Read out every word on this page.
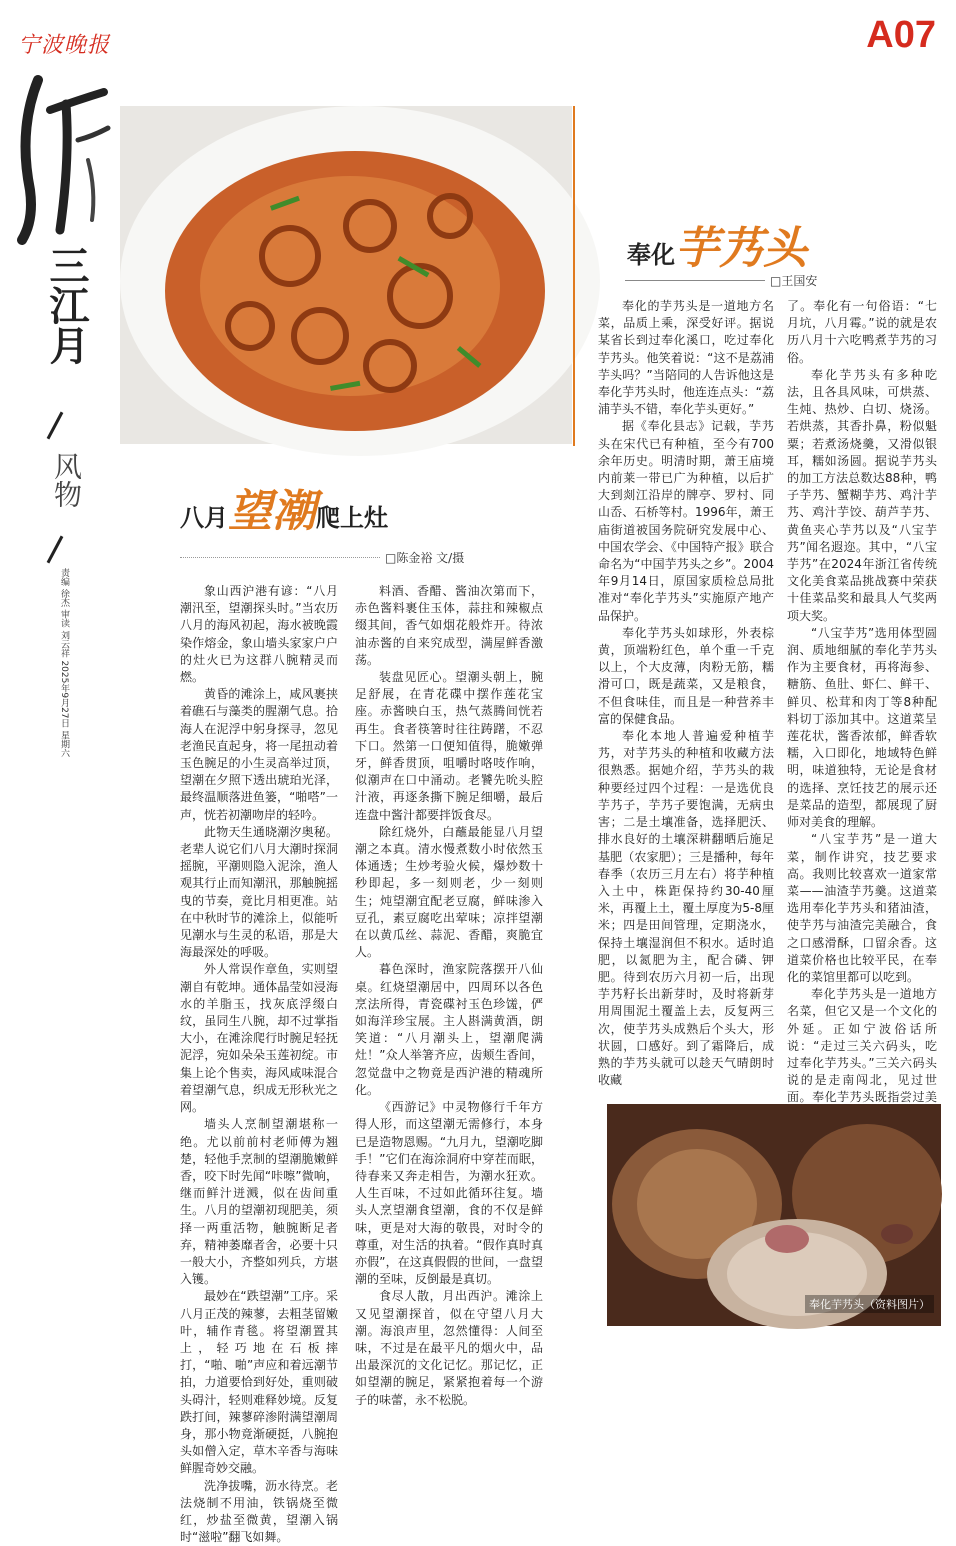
宁波晚报	A07
三江月
风物
责编 徐杰 审读 刘云祥 2025年9月27日 星期六
八月望潮爬上灶
□陈金裕 文/摄

象山西沪港有谚：“八月潮汛至，望潮探头时。”当农历八月的海风初起，海水被晚霞染作熔金，象山墙头家家户户的灶火已为这群八腕精灵而燃。

黄昏的滩涂上，咸风裹挟着礁石与藻类的腥潮气息。拾海人在泥浮中躬身探寻，忽见老渔民直起身，将一尾扭动着玉色腕足的小生灵高举过顶，望潮在夕照下透出琥珀光泽，最终温顺落进鱼篓，“啪嗒”一声，恍若初潮吻岸的轻吟。

此物天生通晓潮汐奥秘。老辈人说它们八月大潮时探洞摇腕，平潮则隐入泥涂，渔人观其行止而知潮汛，那触腕摇曳的节奏，竟比月相更准。站在中秋时节的滩涂上，似能听见潮水与生灵的私语，那是大海最深处的呼吸。

外人常误作章鱼，实则望潮自有乾坤。通体晶莹如浸海水的羊脂玉，找灰底浮缀白纹，虽同生八腕，却不过掌指大小，在滩涂爬行时腕足轻抚泥浮，宛如朵朵玉莲初绽。市集上论个售卖，海风咸味混合着望潮气息，织成无形秋光之网。

墙头人烹制望潮堪称一绝。尤以前前村老师傅为翘楚，轻他手烹制的望潮脆嫩鲜香，咬下时先闻“咔嚓”微响，继而鲜汁迸溅，似在齿间重生。八月的望潮初现肥美，须择一两重活物，触腕断足者弃，精神萎靡者舍，必要十只一般大小，齐整如列兵，方堪入镬。

最妙在“跌望潮”工序。采八月正茂的辣蓼，去粗茎留嫩叶，辅作青毯。将望潮置其上，轻巧地在石板摔打，“啪、啪”声应和着远潮节拍，力道要恰到好处，重则破头碍汁，轻则难释妙境。反复跌打间，辣蓼碎渗附满望潮周身，那小物竟渐硬挺，八腕抱头如僧入定，草木辛香与海味鲜腥奇妙交融。

洗净拔嘴，沥水待烹。老法烧制不用油，铁锅烧至微红，炒盐至微黄，望潮入锅时“滋啦”翻飞如舞。

料酒、香醋、酱油次第而下，赤色酱料裹住玉体，蒜拄和辣椒点缀其间，香气如烟花般炸开。待浓油赤酱的自来究成型，满屋鲜香激荡。

装盘见匠心。望潮头朝上，腕足舒展，在青花碟中摆作莲花宝座。赤酱映白玉，热气蒸腾间恍若再生。食者筷箸时往往踌躇，不忍下口。然第一口便知值得，脆嫩弹牙，鲜香贯顶，咀嚼时咯吱作响，似潮声在口中涌动。老饕先吮头腔汁液，再逐条撕下腕足细嚼，最后连盘中酱汁都要拌饭食尽。

除红烧外，白蘸最能显八月望潮之本真。清水慢煮数小时依然玉体通透；生炒考验火候，爆炒数十秒即起，多一刻则老，少一刻则生；炖望潮宜配老豆腐，鲜味渗入豆孔，素豆腐吃出荤味；凉拌望潮在以黄瓜丝、蒜泥、香醋，爽脆宜人。

暮色深时，渔家院落摆开八仙桌。红烧望潮居中，四周环以各色烹法所得，青瓷碟衬玉色珍馐，俨如海洋珍宝展。主人斟满黄酒，朗笑道：“八月潮头上，望潮爬满灶！”众人举箸齐应，齿颊生香间，忽觉盘中之物竟是西沪港的精魂所化。

《西游记》中灵物修行千年方得人形，而这望潮无需修行，本身已是造物恩赐。“九月九，望潮吃脚手！”它们在海涂洞府中穿茬而眠，待春来又奔走相告，为潮水狂欢。人生百味，不过如此循环往复。墙头人烹望潮食望潮，食的不仅是鲜味，更是对大海的敬畏，对时令的尊重，对生活的执着。“假作真时真亦假”，在这真假假的世间，一盘望潮的至味，反倒最是真切。

食尽人散，月出西沪。滩涂上又见望潮探首，似在守望八月大潮。海浪声里，忽然懂得：人间至味，不过是在最平凡的烟火中，品出最深沉的文化记忆。那记忆，正如望潮的腕足，紧紧抱着每一个游子的味蕾，永不松脱。

奉化芋艿头
□王国安

奉化的芋艿头是一道地方名菜，品质上乘，深受好评。据说某省长到过奉化溪口，吃过奉化芋艿头。他笑着说：“这不是荔浦芋头吗？”当陪同的人告诉他这是奉化芋艿头时，他连连点头：“荔浦芋头不错，奉化芋头更好。”

据《奉化县志》记载，芋艿头在宋代已有种植，至今有700余年历史。明清时期，萧王庙境内前莱一带已广为种植，以后扩大到剡江沿岸的牌亭、罗村、同山岙、石桥等村。1996年，萧王庙街道被国务院研究发展中心、中国农学会、《中国特产报》联合命名为“中国芋艿头之乡”。2004年9月14日，原国家质检总局批准对“奉化芋艿头”实施原产地产品保护。

奉化芋艿头如球形，外表棕黄，顶端粉红色，单个重一千克以上，个大皮薄，肉粉无筋，糯滑可口，既是蔬菜，又是粮食，不但食味佳，而且是一种营养丰富的保健食品。

奉化本地人普遍爱种植芋艿，对芋艿头的种植和收藏方法很熟悉。据她介绍，芋艿头的栽种要经过四个过程：一是选优良芋艿子，芋艿子要饱满，无病虫害；二是土壤准备，选择肥沃、排水良好的土壤深耕翻晒后施足基肥（农家肥）；三是播种，每年春季（农历三月左右）将芋种植入土中，株距保持约30-40厘米，再覆上土，覆土厚度为5-8厘米；四是田间管理，定期浇水，保持土壤湿润但不积水。适时追肥，以氮肥为主，配合磷、钾肥。待到农历六月初一后，出现芋艿籽长出新芽时，及时将新芽用周围泥土覆盖上去，反复两三次，使芋艿头成熟后个头大，形状圆，口感好。到了霜降后，成熟的芋艿头就可以趁天气晴朗时收藏

了。奉化有一句俗语：“七月坑，八月霉。”说的就是农历八月十六吃鸭煮芋艿的习俗。

奉化芋艿头有多种吃法，且各具风味，可烘蒸、生炖、热炒、白切、烧汤。若烘蒸，其香扑鼻，粉似魁粟；若煮汤烧羹，又滑似银耳，糯如汤圆。据说芋艿头的加工方法总数达88种，鸭子芋艿、蟹糊芋艿、鸡汁芋艿、鸡汁芋饺、葫芦芋艿、黄鱼夹心芋艿以及“八宝芋艿”闻名遐迩。其中，“八宝芋艿”在2024年浙江省传统文化美食菜品挑战赛中荣获十佳菜品奖和最具人气奖两项大奖。

“八宝芋艿”选用体型圆润、质地细腻的奉化芋艿头作为主要食材，再将海参、糖筋、鱼肚、虾仁、鲜干、鲜贝、松茸和肉丁等8种配料切丁添加其中。这道菜呈莲花状，酱香浓郁，鲜香软糯，入口即化，地域特色鲜明，味道独特，无论是食材的选择、烹饪技艺的展示还是菜品的造型，都展现了厨师对美食的理解。

“八宝芋艿”是一道大菜，制作讲究，技艺要求高。我则比较喜欢一道家常菜——油渣芋艿羹。这道菜选用奉化芋艿头和猪油渣，使芋艿与油渣完美融合，食之口感滑酥，口留余香。这道菜价格也比较平民，在奉化的菜馆里都可以吃到。

奉化芋艿头是一道地方名菜，但它又是一个文化的外延。正如宁波俗话所说：“走过三关六码头，吃过奉化芋艿头。”三关六码头说的是走南闯北，见过世面。奉化芋艿头既指尝过美

奉化芋艿头（资料图片）
